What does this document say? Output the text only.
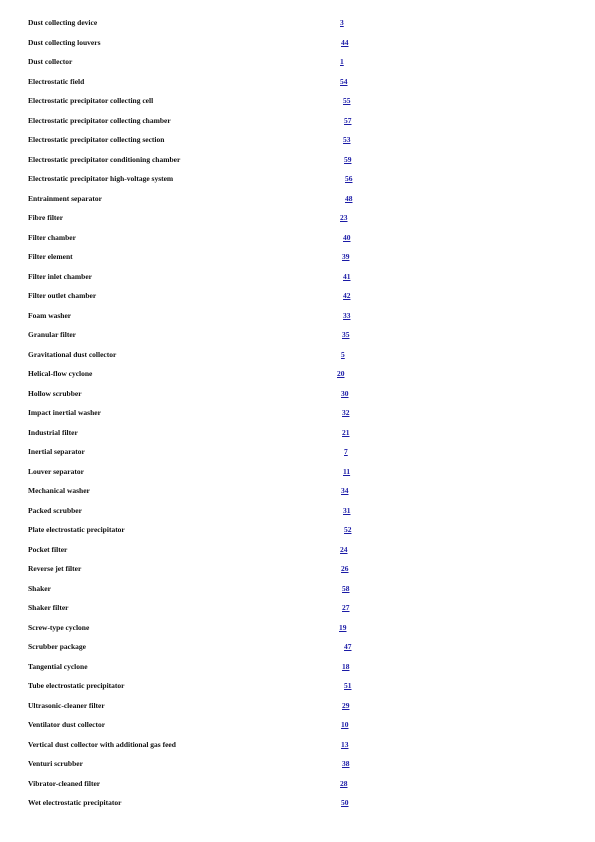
Dust collecting device	3
Dust collecting louvers	44
Dust collector	1
Electrostatic field	54
Electrostatic precipitator collecting cell	55
Electrostatic precipitator collecting chamber	57
Electrostatic precipitator collecting section	53
Electrostatic precipitator conditioning chamber	59
Electrostatic precipitator high-voltage system	56
Entrainment separator	48
Fibre filter	23
Filter chamber	40
Filter element	39
Filter inlet chamber	41
Filter outlet chamber	42
Foam washer	33
Granular filter	35
Gravitational dust collector	5
Helical-flow cyclone	20
Hollow scrubber	30
Impact inertial washer	32
Industrial filter	21
Inertial separator	7
Louver separator	11
Mechanical washer	34
Packed scrubber	31
Plate electrostatic precipitator	52
Pocket filter	24
Reverse jet filter	26
Shaker	58
Shaker filter	27
Screw-type cyclone	19
Scrubber package	47
Tangential cyclone	18
Tube electrostatic precipitator	51
Ultrasonic-cleaner filter	29
Ventilator dust collector	10
Vertical dust collector with additional gas feed	13
Venturi scrubber	38
Vibrator-cleaned filter	28
Wet electrostatic precipitator	50
